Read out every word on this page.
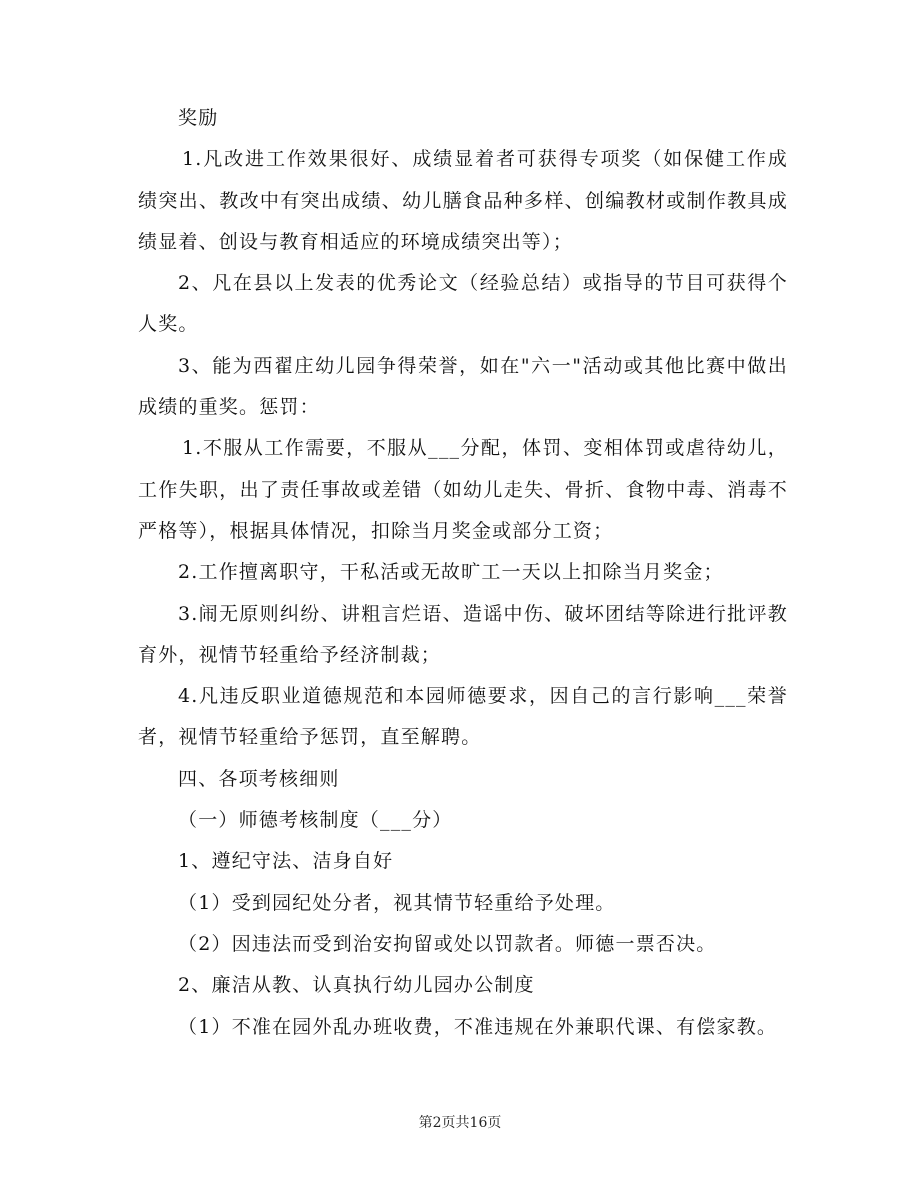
奖励

1.凡改进工作效果很好、成绩显着者可获得专项奖（如保健工作成绩突出、教改中有突出成绩、幼儿膳食品种多样、创编教材或制作教具成绩显着、创设与教育相适应的环境成绩突出等）；

2、凡在县以上发表的优秀论文（经验总结）或指导的节目可获得个人奖。

3、能为西翟庄幼儿园争得荣誉，如在"六一"活动或其他比赛中做出成绩的重奖。惩罚：

1.不服从工作需要，不服从___分配，体罚、变相体罚或虐待幼儿，工作失职，出了责任事故或差错（如幼儿走失、骨折、食物中毒、消毒不严格等），根据具体情况，扣除当月奖金或部分工资；

2.工作擅离职守，干私活或无故旷工一天以上扣除当月奖金；

3.闹无原则纠纷、讲粗言烂语、造谣中伤、破坏团结等除进行批评教育外，视情节轻重给予经济制裁；

4.凡违反职业道德规范和本园师德要求，因自己的言行影响___荣誉者，视情节轻重给予惩罚，直至解聘。

四、各项考核细则

（一）师德考核制度（___分）

1、遵纪守法、洁身自好

（1）受到园纪处分者，视其情节轻重给予处理。

（2）因违法而受到治安拘留或处以罚款者。师德一票否决。

2、廉洁从教、认真执行幼儿园办公制度

（1）不准在园外乱办班收费，不准违规在外兼职代课、有偿家教。

第2页共16页
